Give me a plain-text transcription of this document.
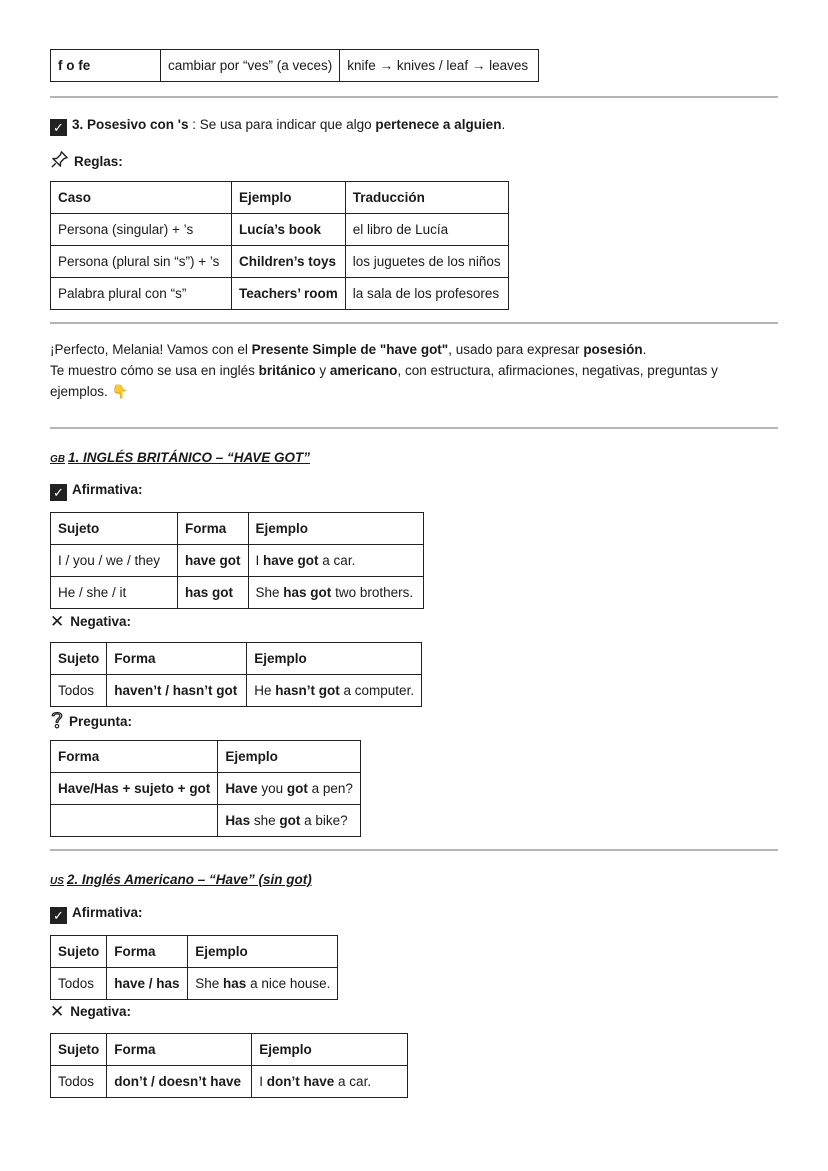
f o fe	cambiar por “ves” (a veces)	knife → knives / leaf → leaves
✓ 3. Posesivo con 's : Se usa para indicar que algo pertenece a alguien.
Reglas:
Caso	Ejemplo	Traducción
Persona (singular) + ’s	Lucía’s book	el libro de Lucía
Persona (plural sin “s”) + ’s	Children’s toys	los juguetes de los niños
Palabra plural con “s”	Teachers’ room	la sala de los profesores
¡Perfecto, Melania! Vamos con el Presente Simple de "have got", usado para expresar posesión.
Te muestro cómo se usa en inglés británico y americano, con estructura, afirmaciones, negativas, preguntas y
ejemplos. 👇
GB 1. INGLÉS BRITÁNICO – “HAVE GOT”
✓ Afirmativa:
Sujeto	Forma	Ejemplo
I / you / we / they	have got	I have got a car.
He / she / it	has got	She has got two brothers.
✕ Negativa:
Sujeto	Forma	Ejemplo
Todos	haven’t / hasn’t got	He hasn’t got a computer.
Pregunta:
Forma	Ejemplo
Have/Has + sujeto + got	Have you got a pen?
	Has she got a bike?
US 2. Inglés Americano – “Have” (sin got)
✓ Afirmativa:
Sujeto	Forma	Ejemplo
Todos	have / has	She has a nice house.
✕ Negativa:
Sujeto	Forma	Ejemplo
Todos	don’t / doesn’t have	I don’t have a car.
